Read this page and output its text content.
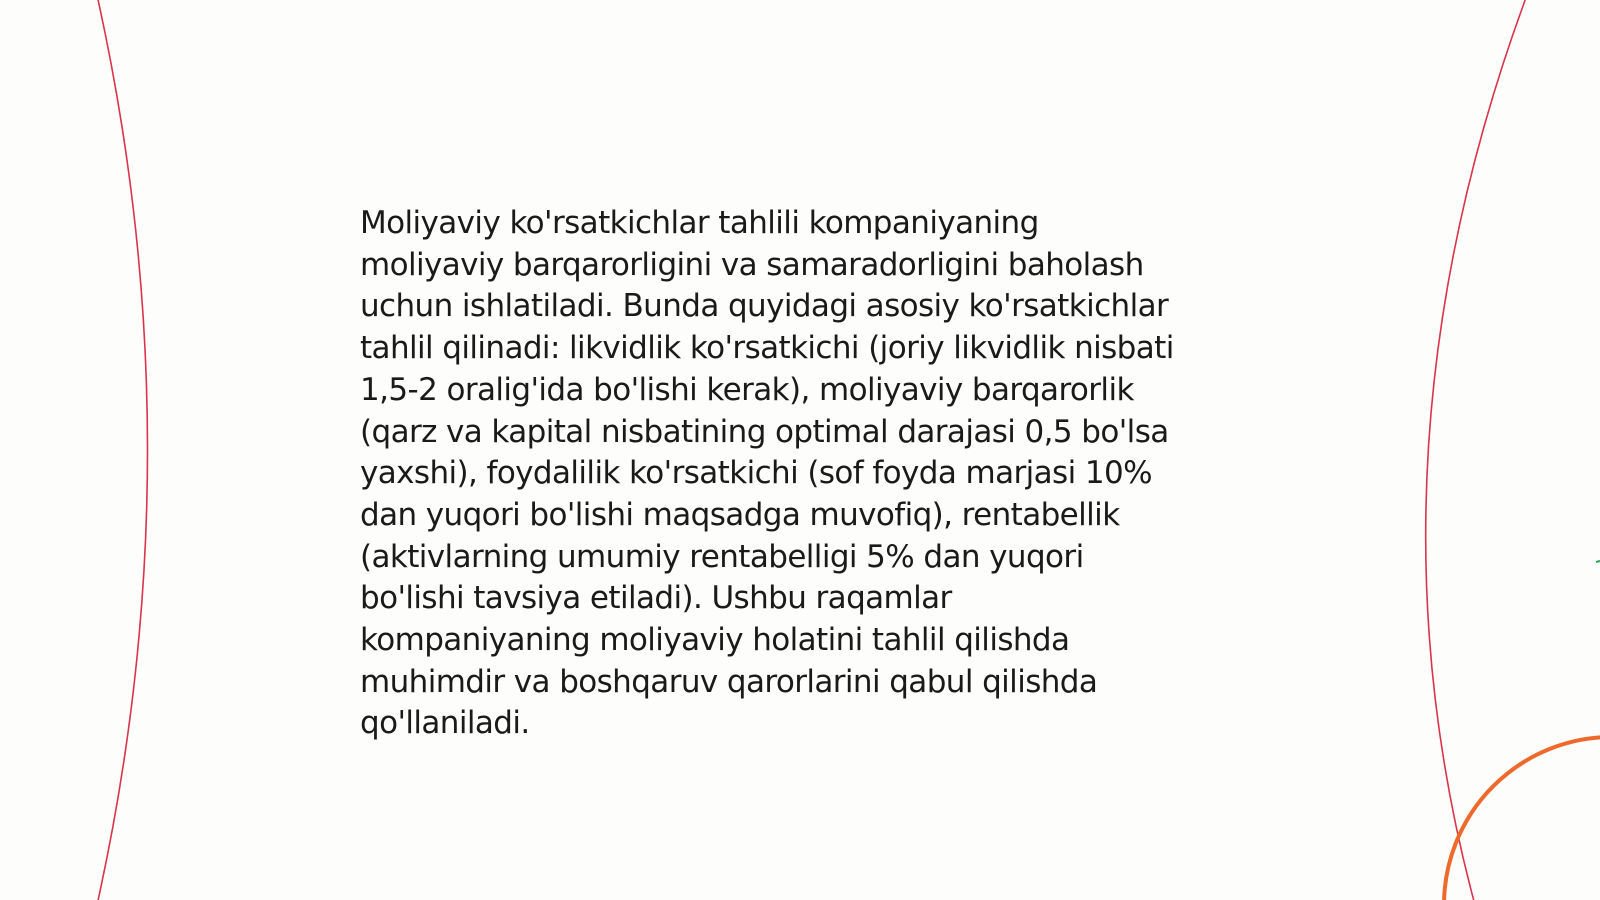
Moliyaviy ko'rsatkichlar tahlili kompaniyaning
moliyaviy barqarorligini va samaradorligini baholash
uchun ishlatiladi. Bunda quyidagi asosiy ko'rsatkichlar
tahlil qilinadi: likvidlik ko'rsatkichi (joriy likvidlik nisbati
1,5-2 oralig'ida bo'lishi kerak), moliyaviy barqarorlik
(qarz va kapital nisbatining optimal darajasi 0,5 bo'lsa
yaxshi), foydalilik ko'rsatkichi (sof foyda marjasi 10%
dan yuqori bo'lishi maqsadga muvofiq), rentabellik
(aktivlarning umumiy rentabelligi 5% dan yuqori
bo'lishi tavsiya etiladi). Ushbu raqamlar
kompaniyaning moliyaviy holatini tahlil qilishda
muhimdir va boshqaruv qarorlarini qabul qilishda
qo'llaniladi.
